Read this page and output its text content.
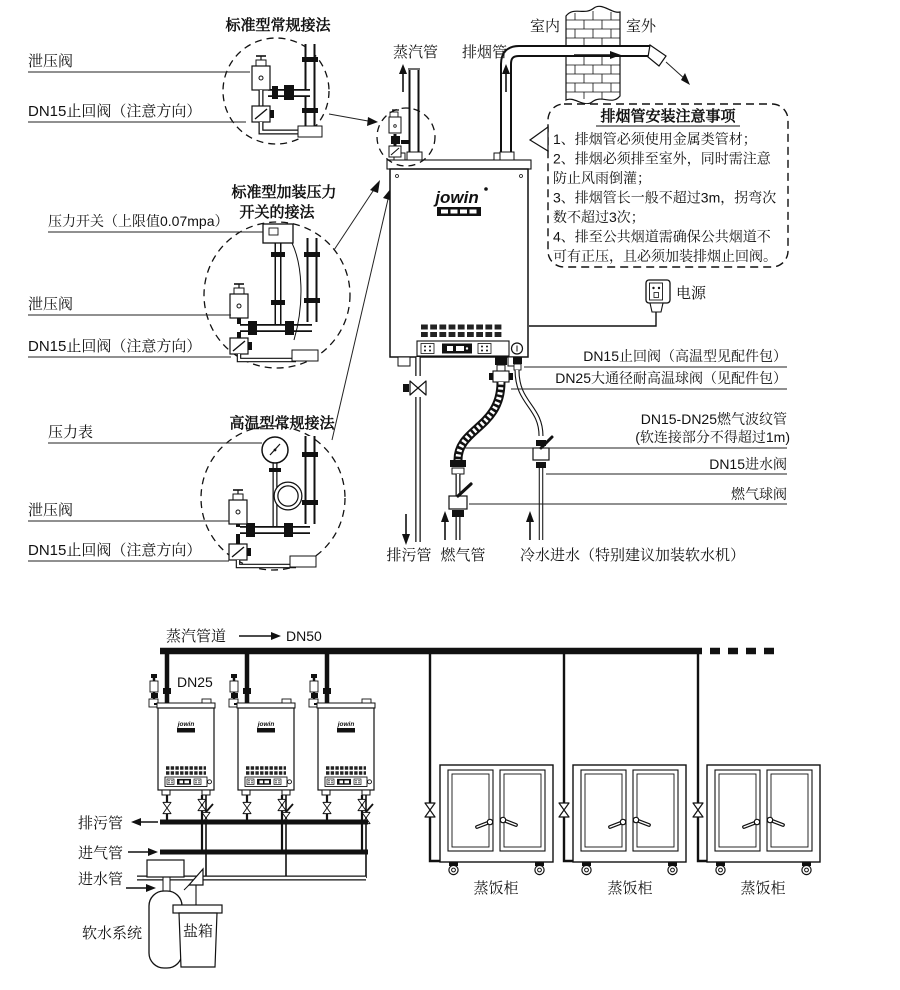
标准型常规接法
泄压阀
DN15止回阀（注意方向）
标准型加装压力
开关的接法
压力开关（上限值0.07mpa）
泄压阀
DN15止回阀（注意方向）
高温型常规接法
压力表
泄压阀
DN15止回阀（注意方向）
室内	室外
排烟管
蒸汽管
排烟管安装注意事项
1、排烟管必须使用金属类管材；
2、排烟必须排至室外，同时需注意
防止风雨倒灌；
3、排烟管长一般不超过3m，拐弯次
数不超过3次；
4、排至公共烟道需确保公共烟道不
可有正压，且必须加装排烟止回阀。
jowin
电源
DN15止回阀（高温型见配件包）
DN25大通径耐高温球阀（见配件包）
DN15-DN25燃气波纹管
(软连接部分不得超过1m)
DN15进水阀
燃气球阀
排污管 燃气管 冷水进水（特别建议加装软水机）
蒸汽管道	DN50
DN25
jowin	jowin	jowin
排污管
进气管
进水管
软水系统	盐箱
蒸饭柜	蒸饭柜	蒸饭柜
